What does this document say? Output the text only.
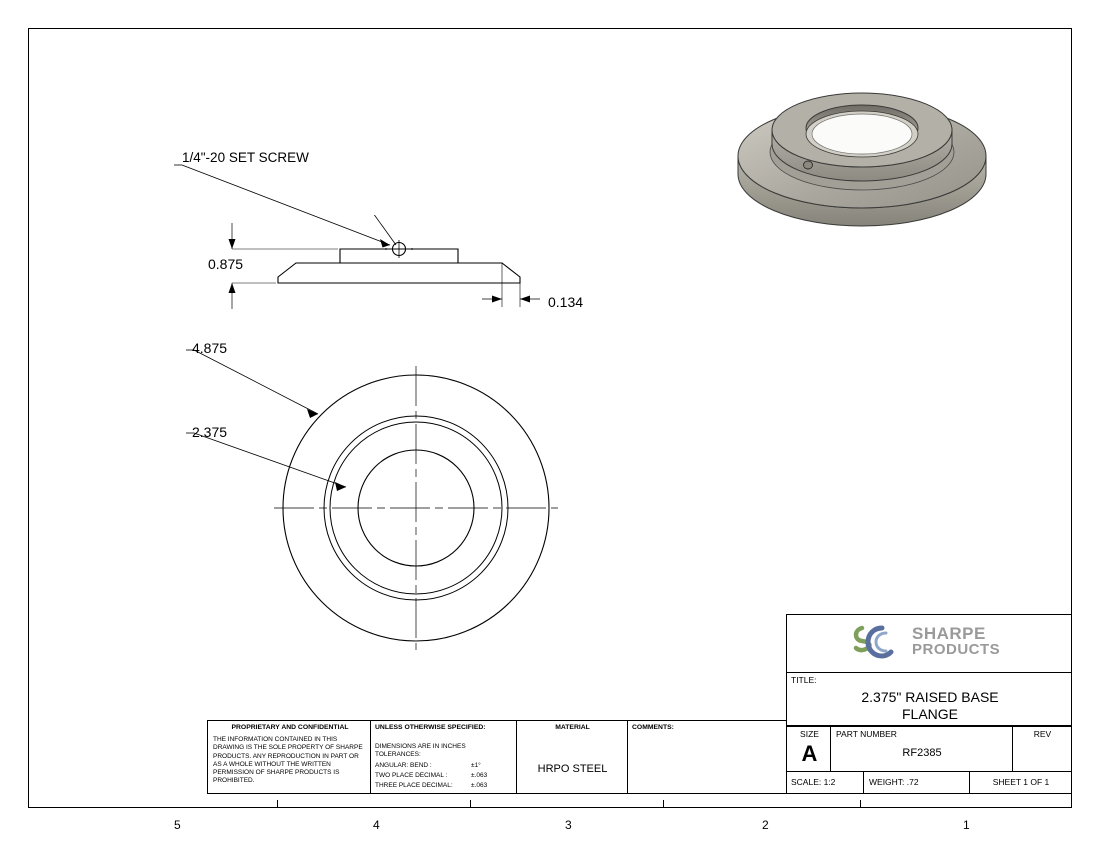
1/4"-20 SET SCREW
0.875
0.134
4.875
2.375
SHARPE
PRODUCTS
TITLE:
2.375" RAISED BASE
FLANGE
SIZE
A
PART NUMBER
RF2385
REV
SCALE: 1:2	WEIGHT: .72	SHEET 1 OF 1
PROPRIETARY AND CONFIDENTIAL
THE INFORMATION CONTAINED IN THIS DRAWING IS THE SOLE PROPERTY OF SHARPE PRODUCTS. ANY REPRODUCTION IN PART OR AS A WHOLE WITHOUT THE WRITTEN PERMISSION OF SHARPE PRODUCTS IS PROHIBITED.
UNLESS OTHERWISE SPECIFIED:
DIMENSIONS ARE IN INCHES
TOLERANCES:
ANGULAR: BEND :	±1°
TWO PLACE DECIMAL :	±.063
THREE PLACE DECIMAL:	±.063
MATERIAL
HRPO STEEL
COMMENTS:
5	4	3	2	1
